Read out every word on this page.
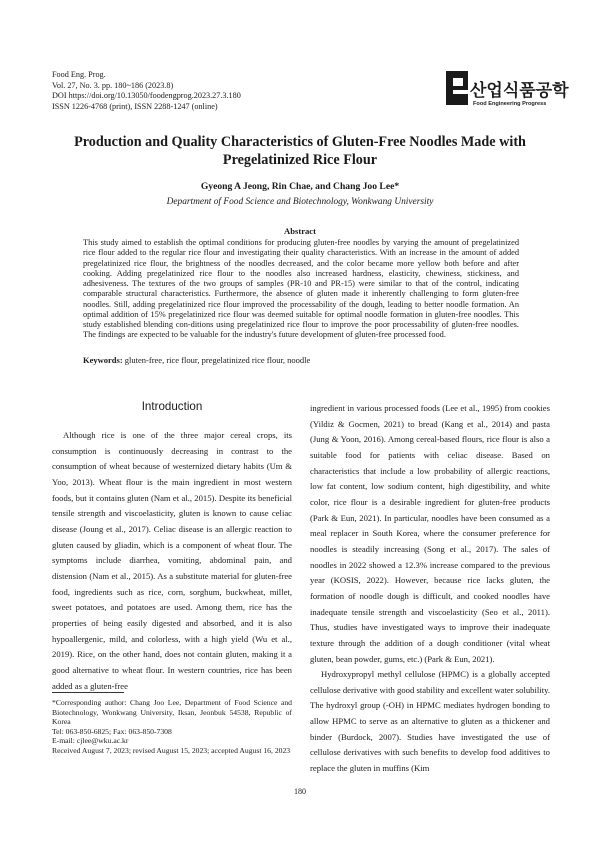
Food Eng. Prog.
Vol. 27, No. 3. pp. 180~186 (2023.8)
DOI https://doi.org/10.13050/foodengprog.2023.27.3.180
ISSN 1226-4768 (print), ISSN 2288-1247 (online)
산업식품공학
Food Engineering Progress
Production and Quality Characteristics of Gluten-Free Noodles Made with Pregelatinized Rice Flour
Gyeong A Jeong, Rin Chae, and Chang Joo Lee*
Department of Food Science and Biotechnology, Wonkwang University
Abstract

This study aimed to establish the optimal conditions for producing gluten-free noodles by varying the amount of pregelatinized rice flour added to the regular rice flour and investigating their quality characteristics. With an increase in the amount of added pregelatinized rice flour, the brightness of the noodles decreased, and the color became more yellow both before and after cooking. Adding pregelatinized rice flour to the noodles also increased hardness, elasticity, chewiness, stickiness, and adhesiveness. The textures of the two groups of samples (PR-10 and PR-15) were similar to that of the control, indicating comparable structural characteristics. Furthermore, the absence of gluten made it inherently challenging to form gluten-free noodles. Still, adding pregelatinized rice flour improved the processability of the dough, leading to better noodle formation. An optimal addition of 15% pregelatinized rice flour was deemed suitable for optimal noodle formation in gluten-free noodles. This study established blending con-ditions using pregelatinized rice flour to improve the poor processability of gluten-free noodles. The findings are expected to be valuable for the industry's future development of gluten-free processed food.

Keywords: gluten-free, rice flour, pregelatinized rice flour, noodle
Introduction

Although rice is one of the three major cereal crops, its consumption is continuously decreasing in contrast to the consumption of wheat because of westernized dietary habits (Um & Yoo, 2013). Wheat flour is the main ingredient in most western foods, but it contains gluten (Nam et al., 2015). Despite its beneficial tensile strength and viscoelasticity, gluten is known to cause celiac disease (Joung et al., 2017). Celiac disease is an allergic reaction to gluten caused by gliadin, which is a component of wheat flour. The symptoms include diarrhea, vomiting, abdominal pain, and distension (Nam et al., 2015). As a substitute material for gluten-free food, ingredients such as rice, corn, sorghum, buckwheat, millet, sweet potatoes, and potatoes are used. Among them, rice has the properties of being easily digested and absorbed, and it is also hypoallergenic, mild, and colorless, with a high yield (Wu et al., 2019). Rice, on the other hand, does not contain gluten, making it a good alternative to wheat flour. In western countries, rice has been added as a gluten-free

ingredient in various processed foods (Lee et al., 1995) from cookies (Yildiz & Gocmen, 2021) to bread (Kang et al., 2014) and pasta (Jung & Yoon, 2016). Among cereal-based flours, rice flour is also a suitable food for patients with celiac disease. Based on characteristics that include a low probability of allergic reactions, low fat content, low sodium content, high digestibility, and white color, rice flour is a desirable ingredient for gluten-free products (Park & Eun, 2021). In particular, noodles have been consumed as a meal replacer in South Korea, where the consumer preference for noodles is steadily increasing (Song et al., 2017). The sales of noodles in 2022 showed a 12.3% increase compared to the previous year (KOSIS, 2022). However, because rice lacks gluten, the formation of noodle dough is difficult, and cooked noodles have inadequate tensile strength and viscoelasticity (Seo et al., 2011). Thus, studies have investigated ways to improve their inadequate texture through the addition of a dough conditioner (vital wheat gluten, bean powder, gums, etc.) (Park & Eun, 2021).
Hydroxypropyl methyl cellulose (HPMC) is a globally accepted cellulose derivative with good stability and excellent water solubility. The hydroxyl group (-OH) in HPMC mediates hydrogen bonding to allow HPMC to serve as an alternative to gluten as a thickener and binder (Burdock, 2007). Studies have investigated the use of cellulose derivatives with such benefits to develop food additives to replace the gluten in muffins (Kim
*Corresponding author: Chang Joo Lee, Department of Food Science and Biotechnology, Wonkwang University, Iksan, Jeonbuk 54538, Republic of Korea
Tel: 063-850-6825; Fax: 063-850-7308
E-mail: cjlee@wku.ac.kr
Received August 7, 2023; revised August 15, 2023; accepted August 16, 2023
180
